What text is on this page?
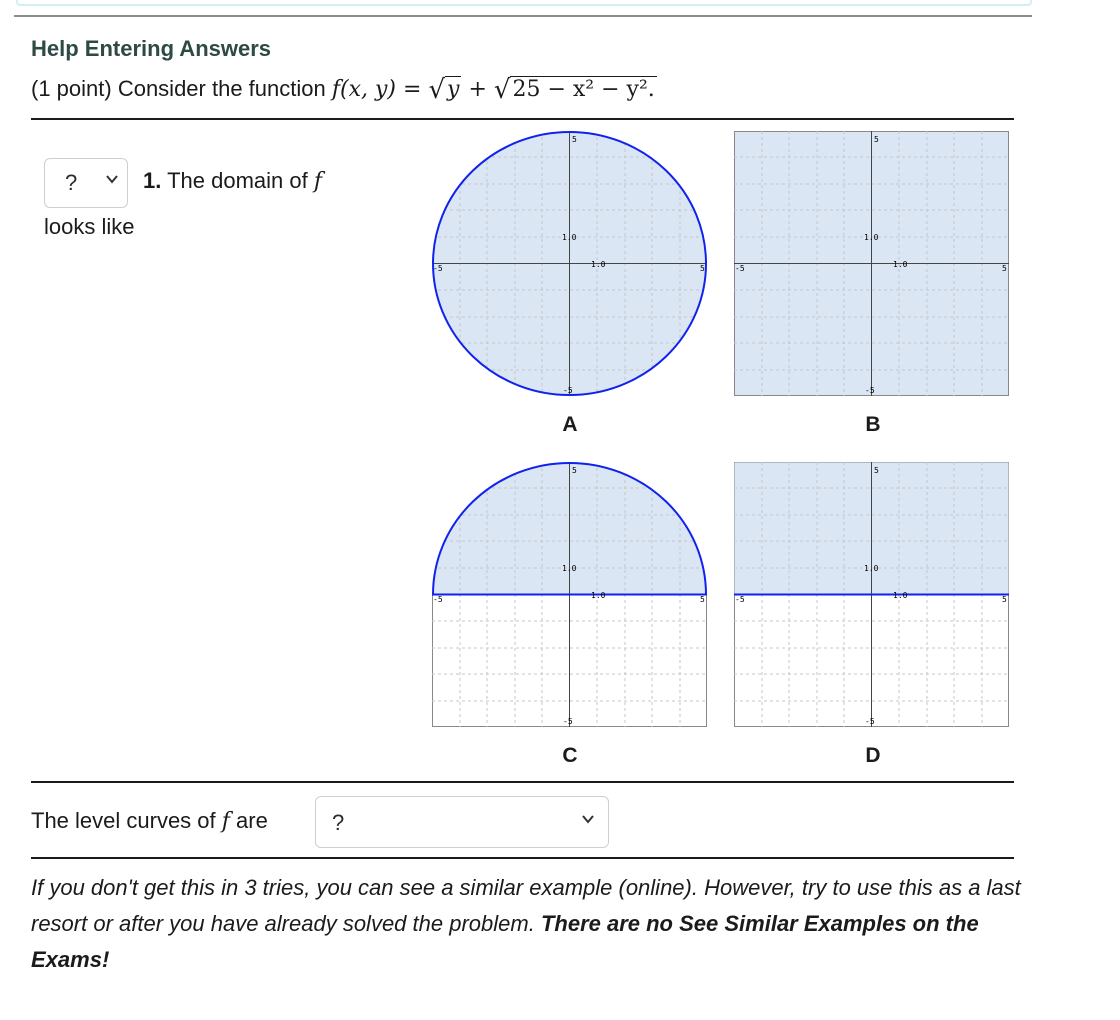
Help Entering Answers
(1 point) Consider the function f(x, y) = √y + √25 − x² − y².
?	1. The domain of f
looks like
5
-5
-5	5
1.0
1.0
A
5
-5
-5	5
1.0
1.0
B
5
-5
-5	5
1.0
1.0
C
5
-5
-5	5
1.0
1.0
D
The level curves of f are	?
If you don't get this in 3 tries, you can see a similar example (online). However, try to use this as a last resort or after you have already solved the problem. There are no See Similar Examples on the Exams!
